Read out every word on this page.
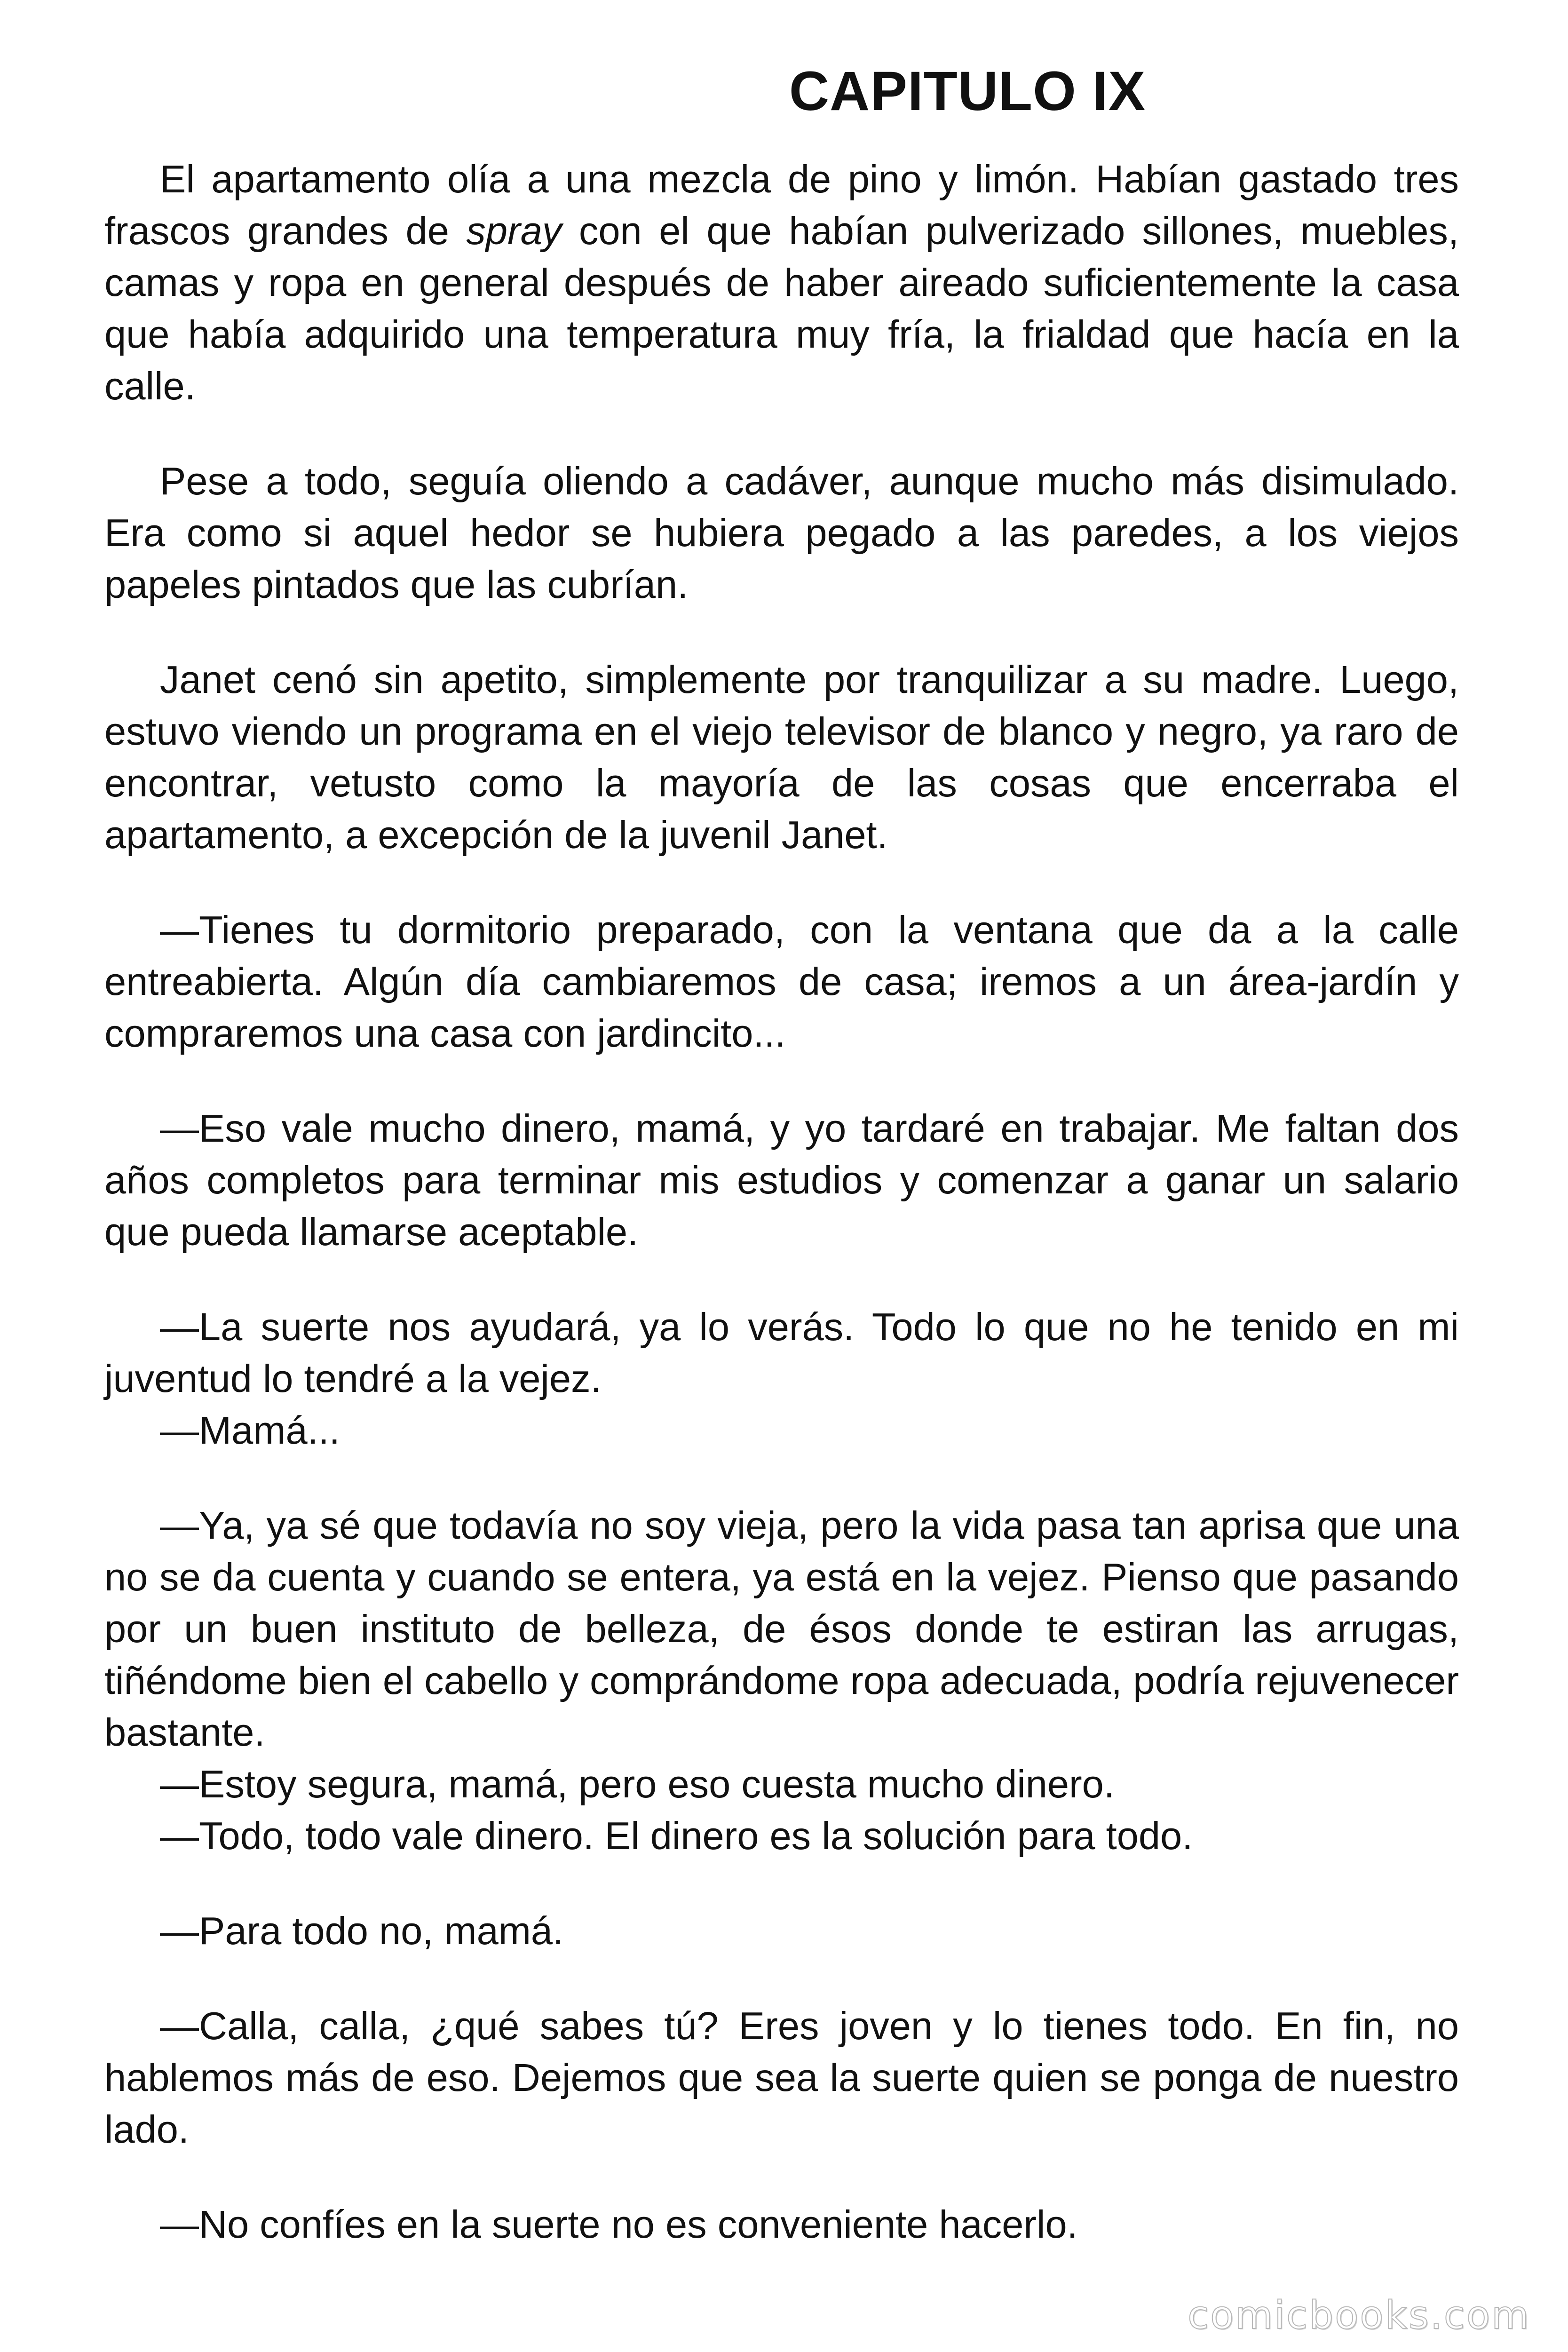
CAPITULO IX

El apartamento olía a una mezcla de pino y limón. Habían gastado tres frascos grandes de spray con el que habían pulverizado sillones, muebles, camas y ropa en general después de haber aireado suficientemente la casa que había adquirido una temperatura muy fría, la frialdad que hacía en la calle.

Pese a todo, seguía oliendo a cadáver, aunque mucho más disimulado. Era como si aquel hedor se hubiera pegado a las paredes, a los viejos papeles pintados que las cubrían.

Janet cenó sin apetito, simplemente por tranquilizar a su madre. Luego, estuvo viendo un programa en el viejo televisor de blanco y negro, ya raro de encontrar, vetusto como la mayoría de las cosas que encerraba el apartamento, a excepción de la juvenil Janet.

—Tienes tu dormitorio preparado, con la ventana que da a la calle entreabierta. Algún día cambiaremos de casa; iremos a un área-jardín y compraremos una casa con jardincito...

—Eso vale mucho dinero, mamá, y yo tardaré en trabajar. Me faltan dos años completos para terminar mis estudios y comenzar a ganar un salario que pueda llamarse aceptable.

—La suerte nos ayudará, ya lo verás. Todo lo que no he tenido en mi juventud lo tendré a la vejez.

—Mamá...

—Ya, ya sé que todavía no soy vieja, pero la vida pasa tan aprisa que una no se da cuenta y cuando se entera, ya está en la vejez. Pienso que pasando por un buen instituto de belleza, de ésos donde te estiran las arrugas, tiñéndome bien el cabello y comprándome ropa adecuada, podría rejuvenecer bastante.

—Estoy segura, mamá, pero eso cuesta mucho dinero.

—Todo, todo vale dinero. El dinero es la solución para todo.

—Para todo no, mamá.

—Calla, calla, ¿qué sabes tú? Eres joven y lo tienes todo. En fin, no hablemos más de eso. Dejemos que sea la suerte quien se ponga de nuestro lado.

—No confíes en la suerte no es conveniente hacerlo.

comicbooks.com
